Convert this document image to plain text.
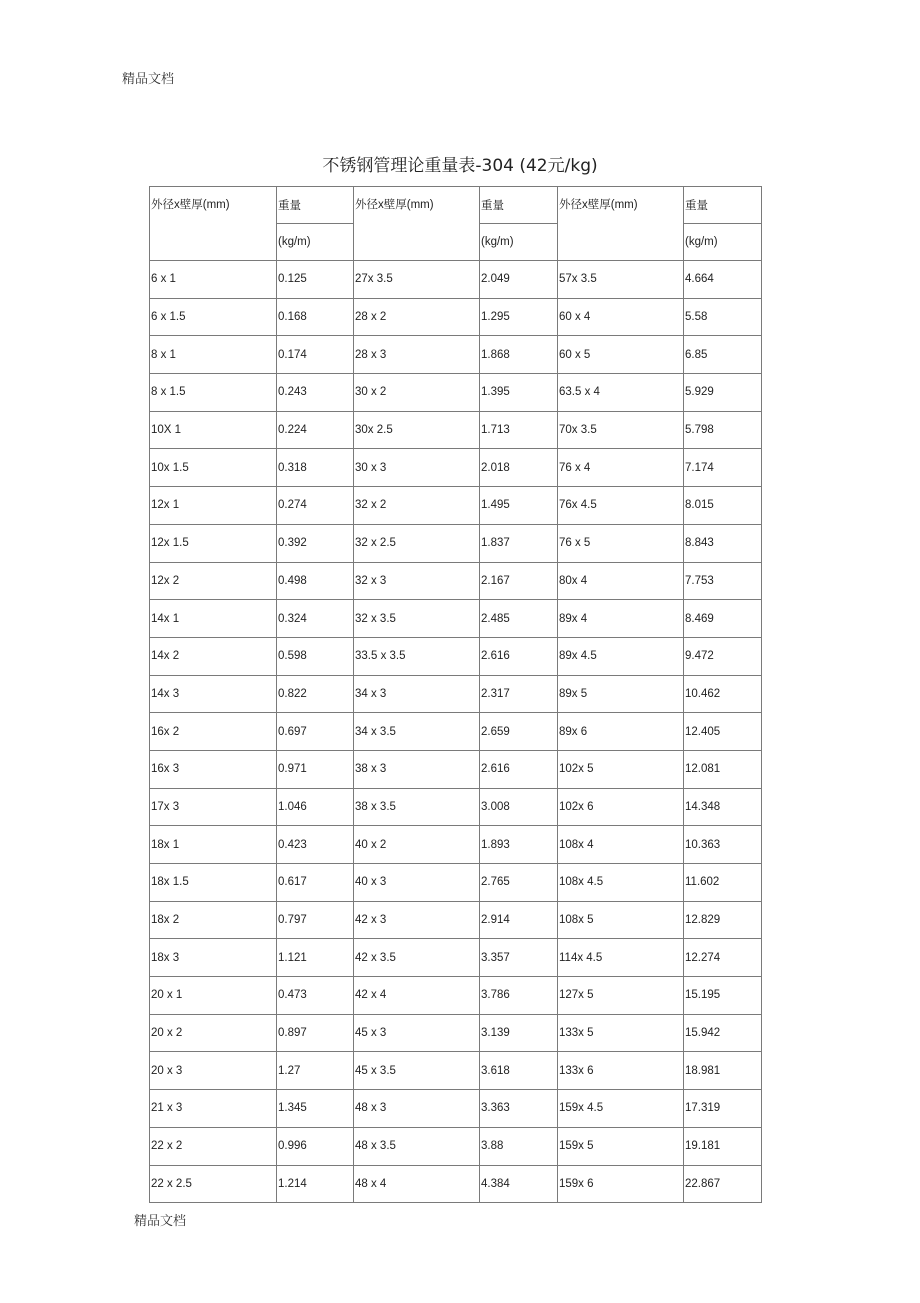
精品文档
不锈钢管理论重量表-304 (42元/kg)
外径x壁厚(mm)	重量	外径x壁厚(mm)	重量	外径x壁厚(mm)	重量
	(kg/m)		(kg/m)		(kg/m)
6 x 1	0.125	27x 3.5	2.049	57x 3.5	4.664
6 x 1.5	0.168	28 x 2	1.295	60 x 4	5.58
8 x 1	0.174	28 x 3	1.868	60 x 5	6.85
8 x 1.5	0.243	30 x 2	1.395	63.5 x 4	5.929
10X 1	0.224	30x 2.5	1.713	70x 3.5	5.798
10x 1.5	0.318	30 x 3	2.018	76 x 4	7.174
12x 1	0.274	32 x 2	1.495	76x 4.5	8.015
12x 1.5	0.392	32 x 2.5	1.837	76 x 5	8.843
12x 2	0.498	32 x 3	2.167	80x 4	7.753
14x 1	0.324	32 x 3.5	2.485	89x 4	8.469
14x 2	0.598	33.5 x 3.5	2.616	89x 4.5	9.472
14x 3	0.822	34 x 3	2.317	89x 5	10.462
16x 2	0.697	34 x 3.5	2.659	89x 6	12.405
16x 3	0.971	38 x 3	2.616	102x 5	12.081
17x 3	1.046	38 x 3.5	3.008	102x 6	14.348
18x 1	0.423	40 x 2	1.893	108x 4	10.363
18x 1.5	0.617	40 x 3	2.765	108x 4.5	11.602
18x 2	0.797	42 x 3	2.914	108x 5	12.829
18x 3	1.121	42 x 3.5	3.357	114x 4.5	12.274
20 x 1	0.473	42 x 4	3.786	127x 5	15.195
20 x 2	0.897	45 x 3	3.139	133x 5	15.942
20 x 3	1.27	45 x 3.5	3.618	133x 6	18.981
21 x 3	1.345	48 x 3	3.363	159x 4.5	17.319
22 x 2	0.996	48 x 3.5	3.88	159x 5	19.181
22 x 2.5	1.214	48 x 4	4.384	159x 6	22.867
精品文档
